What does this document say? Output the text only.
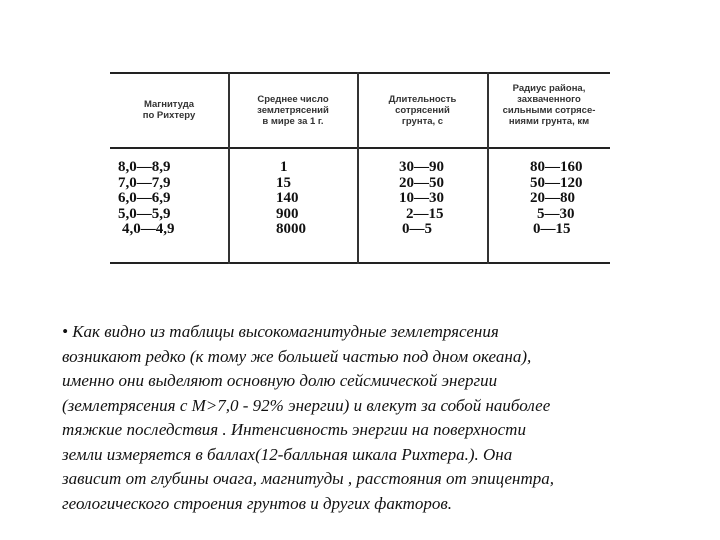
Магнитуда
по Рихтеру
Среднее число
землетрясений
в мире за 1 г.
Длительность
сотрясений
грунта, с
Радиус района,
захваченного
сильными сотрясе-
ниями грунта, км
8,0—8,9
7,0—7,9
6,0—6,9
5,0—5,9
4,0—4,9
1
15
140
900
8000
30—90
20—50
10—30
2—15
0—5
80—160
50—120
20—80
5—30
0—15
• Как видно из таблицы высокомагнитудные землетрясения
возникают редко (к тому же большей частью под дном океана),
именно они выделяют основную долю сейсмической энергии
(землетрясения с М>7,0 - 92% энергии) и влекут за собой наиболее
тяжкие последствия . Интенсивность энергии на поверхности
земли измеряется в баллах(12-балльная шкала Рихтера.). Она
зависит от глубины очага, магнитуды , расстояния от эпицентра,
геологического строения грунтов и других факторов.
